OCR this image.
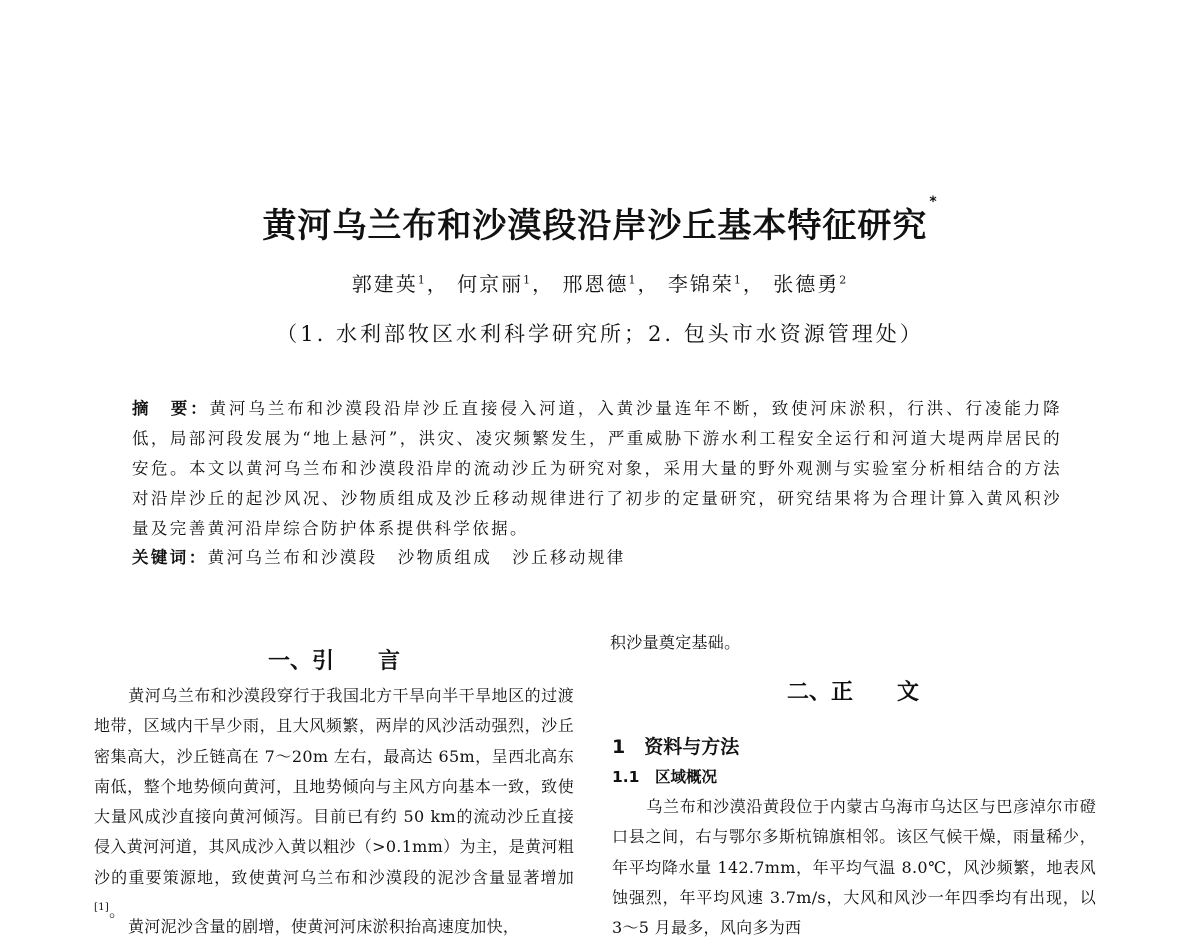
黄河乌兰布和沙漠段沿岸沙丘基本特征研究*
郭建英$^1$， 何京丽$^1$， 邢恩德$^1$， 李锦荣$^1$， 张德勇$^2$
（1. 水利部牧区水利科学研究所；2. 包头市水资源管理处）
摘　要：黄河乌兰布和沙漠段沿岸沙丘直接侵入河道，入黄沙量连年不断，致使河床淤积，行洪、行凌能力降低，局部河段发展为“地上悬河”，洪灾、凌灾频繁发生，严重威胁下游水利工程安全运行和河道大堤两岸居民的安危。本文以黄河乌兰布和沙漠段沿岸的流动沙丘为研究对象，采用大量的野外观测与实验室分析相结合的方法对沿岸沙丘的起沙风况、沙物质组成及沙丘移动规律进行了初步的定量研究，研究结果将为合理计算入黄风积沙量及完善黄河沿岸综合防护体系提供科学依据。
关键词：黄河乌兰布和沙漠段 沙物质组成 沙丘移动规律
一、引　　言
黄河乌兰布和沙漠段穿行于我国北方干旱向半干旱地区的过渡地带，区域内干旱少雨，且大风频繁，两岸的风沙活动强烈，沙丘密集高大，沙丘链高在 7～20m 左右，最高达 65m，呈西北高东南低，整个地势倾向黄河，且地势倾向与主风方向基本一致，致使大量风成沙直接向黄河倾泻。目前已有约 50 km的流动沙丘直接侵入黄河河道，其风成沙入黄以粗沙（>0.1mm）为主，是黄河粗沙的重要策源地，致使黄河乌兰布和沙漠段的泥沙含量显著增加[1]。
黄河泥沙含量的剧增，使黄河河床淤积抬高速度加快，
积沙量奠定基础。
二、正　　文
1　资料与方法
1.1　区域概况
乌兰布和沙漠沿黄段位于内蒙古乌海市乌达区与巴彦淖尔市磴口县之间，右与鄂尔多斯杭锦旗相邻。该区气候干燥，雨量稀少，年平均降水量 142.7mm，年平均气温 8.0℃，风沙频繁，地表风蚀强烈，年平均风速 3.7m/s，大风和风沙一年四季均有出现，以 3～5 月最多，风向多为西
